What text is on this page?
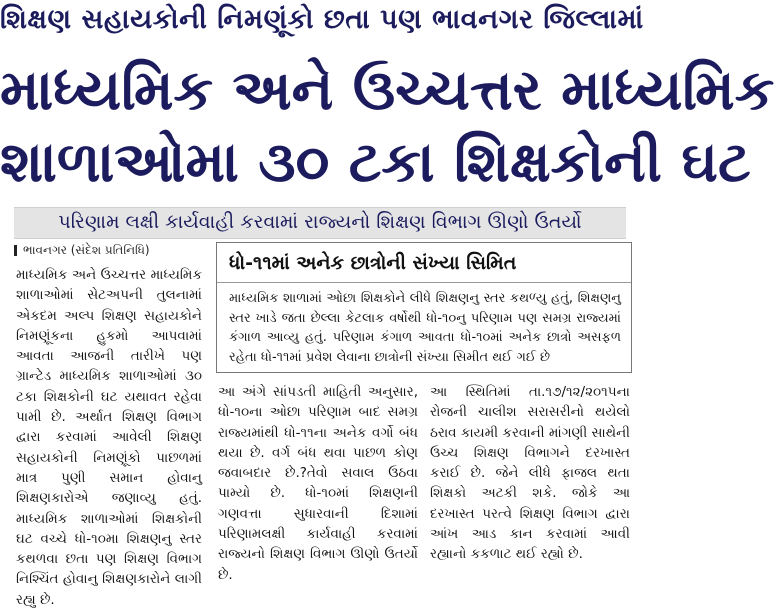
શિક્ષણ સહાયકોની નિમણૂંકો છતા પણ ભાવનગર જિલ્લામાં
માધ્યમિક અને ઉચ્ચત્તર માધ્યમિક
શાળાઓમા ૩૦ ટકા શિક્ષકોની ઘટ
પરિણામ લક્ષી કાર્યવાહી કરવામાં રાજ્યનો શિક્ષણ વિભાગ ઊણો ઉતર્યો
ભાવનગર (સંદેશ પ્રતિનિધિ)

માધ્યમિક અને ઉચ્ચત્તર માધ્યમિક શાળાઓમાં સેટઅપની તુલનામાં એકદમ અલ્પ શિક્ષણ સહાયકોને નિમણૂંકના હુકમો આપવામાં આવતા આજની તારીખે પણ ગ્રાન્ટેડ માધ્યમિક શાળાઓમાં ૩૦ ટકા શિક્ષકોની ઘટ યથાવત રહેવા પામી છે. અર્થાત શિક્ષણ વિભાગ દ્વારા કરવામાં આવેલી શિક્ષણ સહાયકોની નિમણૂંકો પાછળમાં માત્ર પુણી સમાન હોવાનુ શિક્ષણકારોએ જણાવ્યુ હતું. માધ્યમિક શાળાઓમાં શિક્ષકોની ઘટ વચ્ચે ધો-૧૦મા શિક્ષણનુ સ્તર કથળવા છતા પણ શિક્ષણ વિભાગ નિશ્ચિંત હોવાનુ શિક્ષણકારોને લાગી રહ્યુ છે.

ધો-૧૧માં અનેક છાત્રોની સંખ્યા સિમિત

માધ્યમિક શાળામાં ઓછા શિક્ષકોને લીધે શિક્ષણનુ સ્તર કથળ્યુ હતું, શિક્ષણનુ સ્તર ખાડે જતા છેલ્લા કેટલાક વર્ષોથી ધો-૧૦નુ પરિણામ પણ સમગ્ર રાજ્યમાં કંગાળ આવ્યુ હતું. પરિણામ કંગાળ આવતા ધો-૧૦માં અનેક છાત્રો અસફળ રહેતા ધો-૧૧માં પ્રવેશ લેવાના છાત્રોની સંખ્યા સિમીત થઈ ગઈ છે

આ અંગે સાંપડતી માહિતી અનુસાર, ધો-૧૦ના ઓછા પરિણામ બાદ સમગ્ર રાજ્યમાંથી ધો-૧૧ના અનેક વર્ગો બંધ થયા છે. વર્ગ બંધ થવા પાછળ કોણ જવાબદાર છે.?તેવો સવાલ ઉઠવા પામ્યો છે. ધો-૧૦માં શિક્ષણની ગણવત્તા સુધારવાની દિશામાં પરિણામલક્ષી કાર્યવાહી કરવામાં રાજ્યનો શિક્ષણ વિભાગ ઊણો ઉતર્યો છે.

આ સ્થિતિમાં તા.૧૭/૧૨/૨૦૧૫ના રોજની ચાલીશ સરાસરીનો થયેલો ઠરાવ કાયમી કરવાની માંગણી સાથેની ઉચ્ચ શિક્ષણ વિભાગને દરખાસ્ત કરાઈ છે. જેને લીધે ફાજલ થતા શિક્ષકો અટકી શકે. જોકે આ દરખાસ્ત પરત્વે શિક્ષણ વિભાગ દ્વારા આંખ આડ કાન કરવામાં આવી રહ્યાનો કકળાટ થઈ રહ્યો છે.
